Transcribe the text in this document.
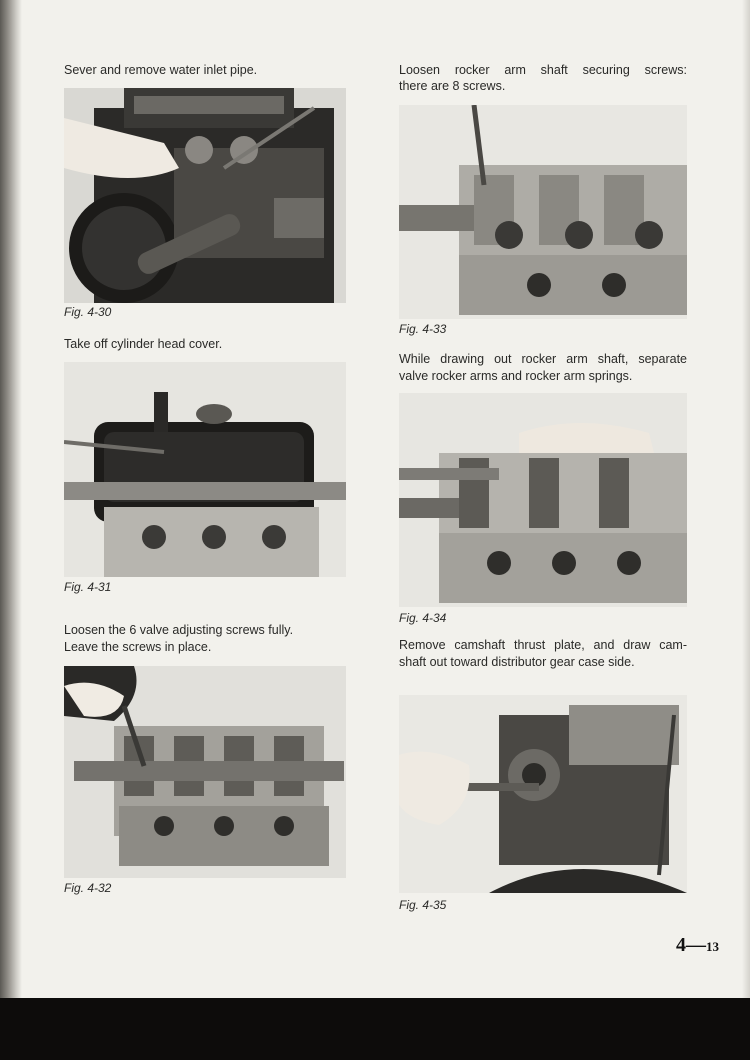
Sever and remove water inlet pipe.

Fig. 4-30

Take off cylinder head cover.

Fig. 4-31

Loosen the 6 valve adjusting screws fully.

Leave the screws in place.

Fig. 4-32

Loosen rocker arm shaft securing screws:

there are 8 screws.

Fig. 4-33

While drawing out rocker arm shaft, separate

valve rocker arms and rocker arm springs.

Fig. 4-34

Remove camshaft thrust plate, and draw cam-

shaft out toward distributor gear case side.

Fig. 4-35

4—13
